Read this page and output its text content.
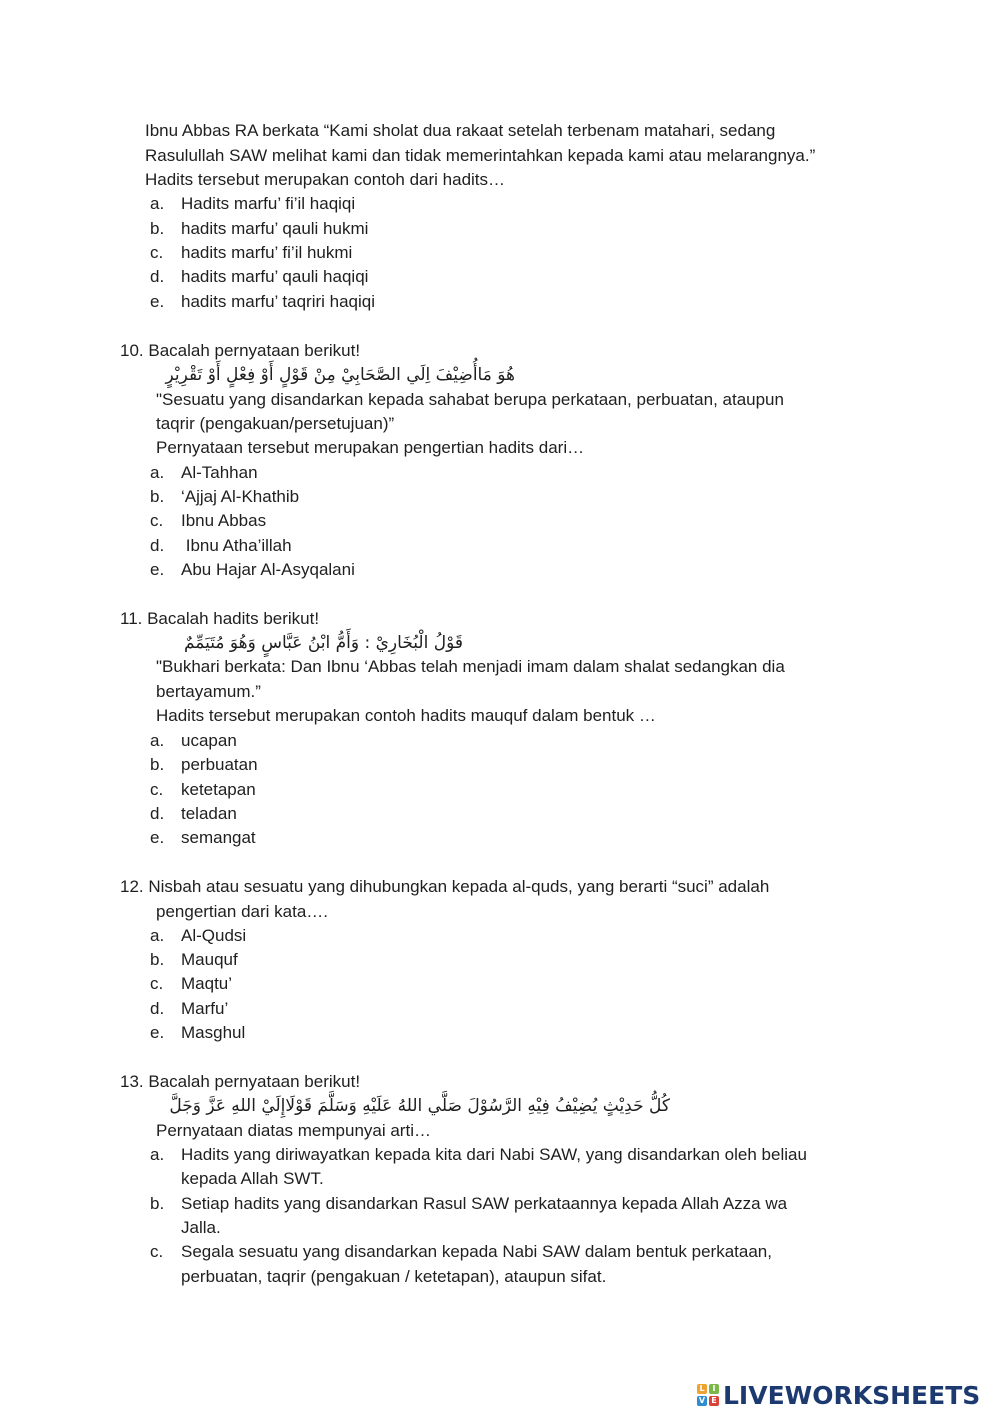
Ibnu Abbas RA berkata “Kami sholat dua rakaat setelah terbenam matahari, sedang
Rasulullah SAW melihat kami dan tidak memerintahkan kepada kami atau melarangnya.”
Hadits tersebut merupakan contoh dari hadits…
a. Hadits marfu’ fi’il haqiqi
b. hadits marfu’ qauli hukmi
c. hadits marfu’ fi’il hukmi
d. hadits marfu’ qauli haqiqi
e. hadits marfu’ taqriri haqiqi
10. Bacalah pernyataan berikut!
هُوَ مَاأُضِيْفَ اِلَي الصَّحَابِيْ مِنْ قَوْلٍ أَوْ فِعْلٍ أَوْ تَقْرِيْرٍ
"Sesuatu yang disandarkan kepada sahabat berupa perkataan, perbuatan, ataupun
taqrir (pengakuan/persetujuan)”
Pernyataan tersebut merupakan pengertian hadits dari…
a. Al-Tahhan
b. ‘Ajjaj Al-Khathib
c. Ibnu Abbas
d. Ibnu Atha’illah
e. Abu Hajar Al-Asyqalani
11. Bacalah hadits berikut!
قَوْلُ الْبُخَارِيْ : وَأَمُّ ابْنُ عَبَّاسٍ وَهُوَ مُتَيَمِّمٌ
"Bukhari berkata: Dan Ibnu ‘Abbas telah menjadi imam dalam shalat sedangkan dia
bertayamum.”
Hadits tersebut merupakan contoh hadits mauquf dalam bentuk …
a. ucapan
b. perbuatan
c. ketetapan
d. teladan
e. semangat
12. Nisbah atau sesuatu yang dihubungkan kepada al-quds, yang berarti “suci” adalah
pengertian dari kata….
a. Al-Qudsi
b. Mauquf
c. Maqtu’
d. Marfu’
e. Masghul
13. Bacalah pernyataan berikut!
كُلُّ حَدِيْثٍ يُضِيْفُ فِيْهِ الرَّسُوْلَ صَلَّي اللهُ عَلَيْهِ وَسَلَّمَ قَوْلَاإِلَيْ اللهِ عَزَّ وَجَلَّ
Pernyataan diatas mempunyai arti…
a. Hadits yang diriwayatkan kepada kita dari Nabi SAW, yang disandarkan oleh beliau
kepada Allah SWT.
b. Setiap hadits yang disandarkan Rasul SAW perkataannya kepada Allah Azza wa
Jalla.
c. Segala sesuatu yang disandarkan kepada Nabi SAW dalam bentuk perkataan,
perbuatan, taqrir (pengakuan / ketetapan), ataupun sifat.
L I
V E LIVEWORKSHEETS
